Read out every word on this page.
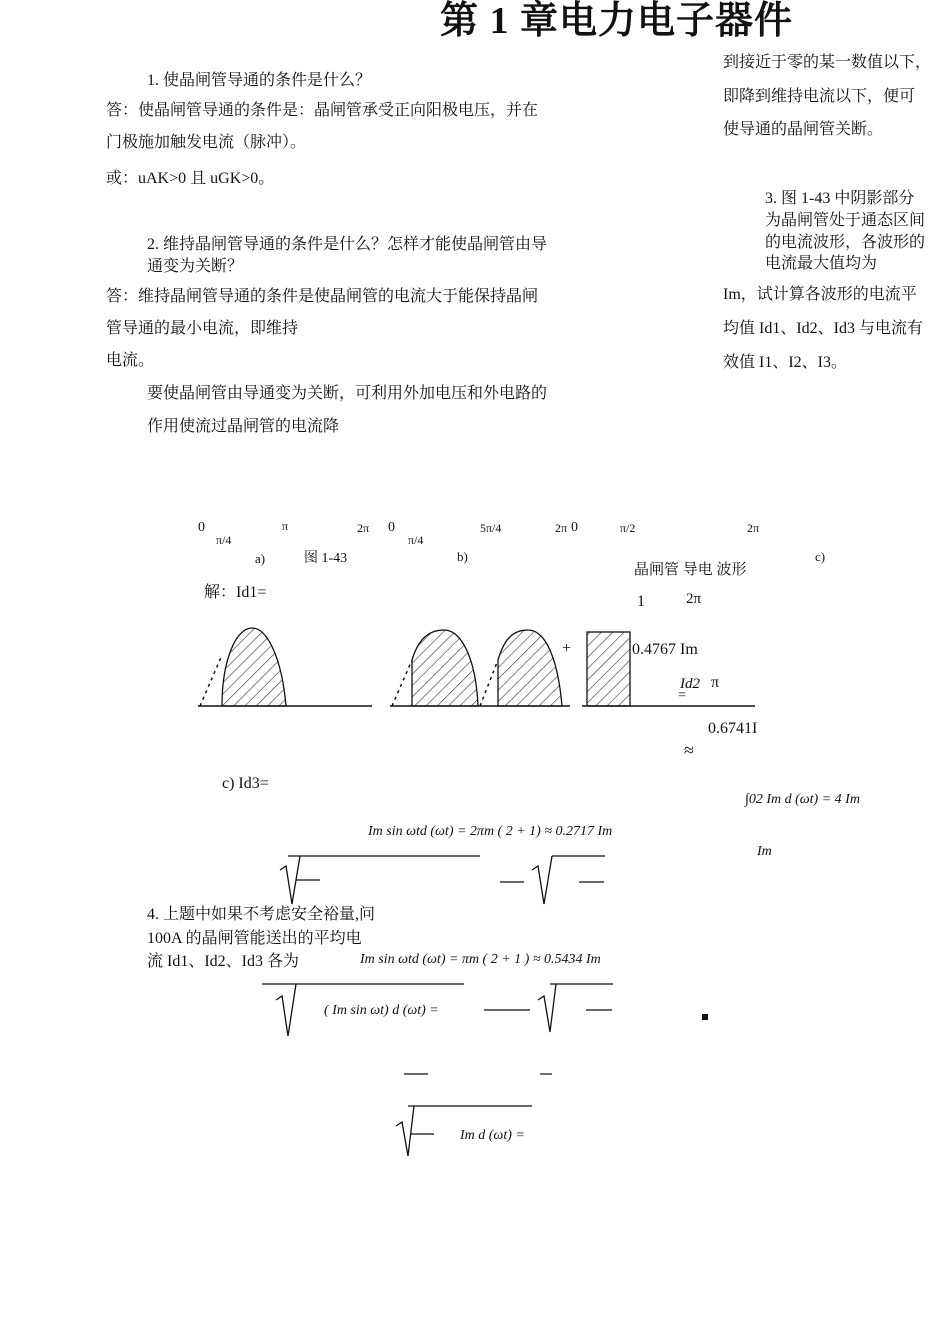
第 1 章电力电子器件
到接近于零的某一数值以下，
即降到维持电流以下，便可
使导通的晶闸管关断。
3. 图 1-43 中阴影部分
为晶闸管处于通态区间
的电流波形，各波形的
电流最大值均为
Im，试计算各波形的电流平
均值 Id1、Id2、Id3 与电流有
效值 I1、I2、I3。
1. 使晶闸管导通的条件是什么？
答：使晶闸管导通的条件是：晶闸管承受正向阳极电压，并在
门极施加触发电流（脉冲）。
或：uAK>0 且 uGK>0。
2. 维持晶闸管导通的条件是什么？怎样才能使晶闸管由导
通变为关断？
答：维持晶闸管导通的条件是使晶闸管的电流大于能保持晶闸
管导通的最小电流，即维持
电流。
要使晶闸管由导通变为关断，可利用外加电压和外电路的
作用使流过晶闸管的电流降
0
π/4
π	2π 0
π/4
5π/4	2π 0	π/2	2π
a)	图 1-43	b)	c)
晶闸管 导电 波形
解：Id1=
1	2π
0.4767 Im
Id2 π
=
0.6741I
≈
c) Id3=
∫02 Im d (ωt) = 4 Im
Im sin ωtd (ωt) = 2πm ( 2 + 1) ≈ 0.2717 Im
Im
Im sin ωtd (ωt) = πm ( 2 + 1 ) ≈ 0.5434 Im
( Im sin ωt) d (ωt) =
Im d (ωt) =
+
4. 上题中如果不考虑安全裕量,问
100A 的晶闸管能送出的平均电
流 Id1、Id2、Id3 各为
